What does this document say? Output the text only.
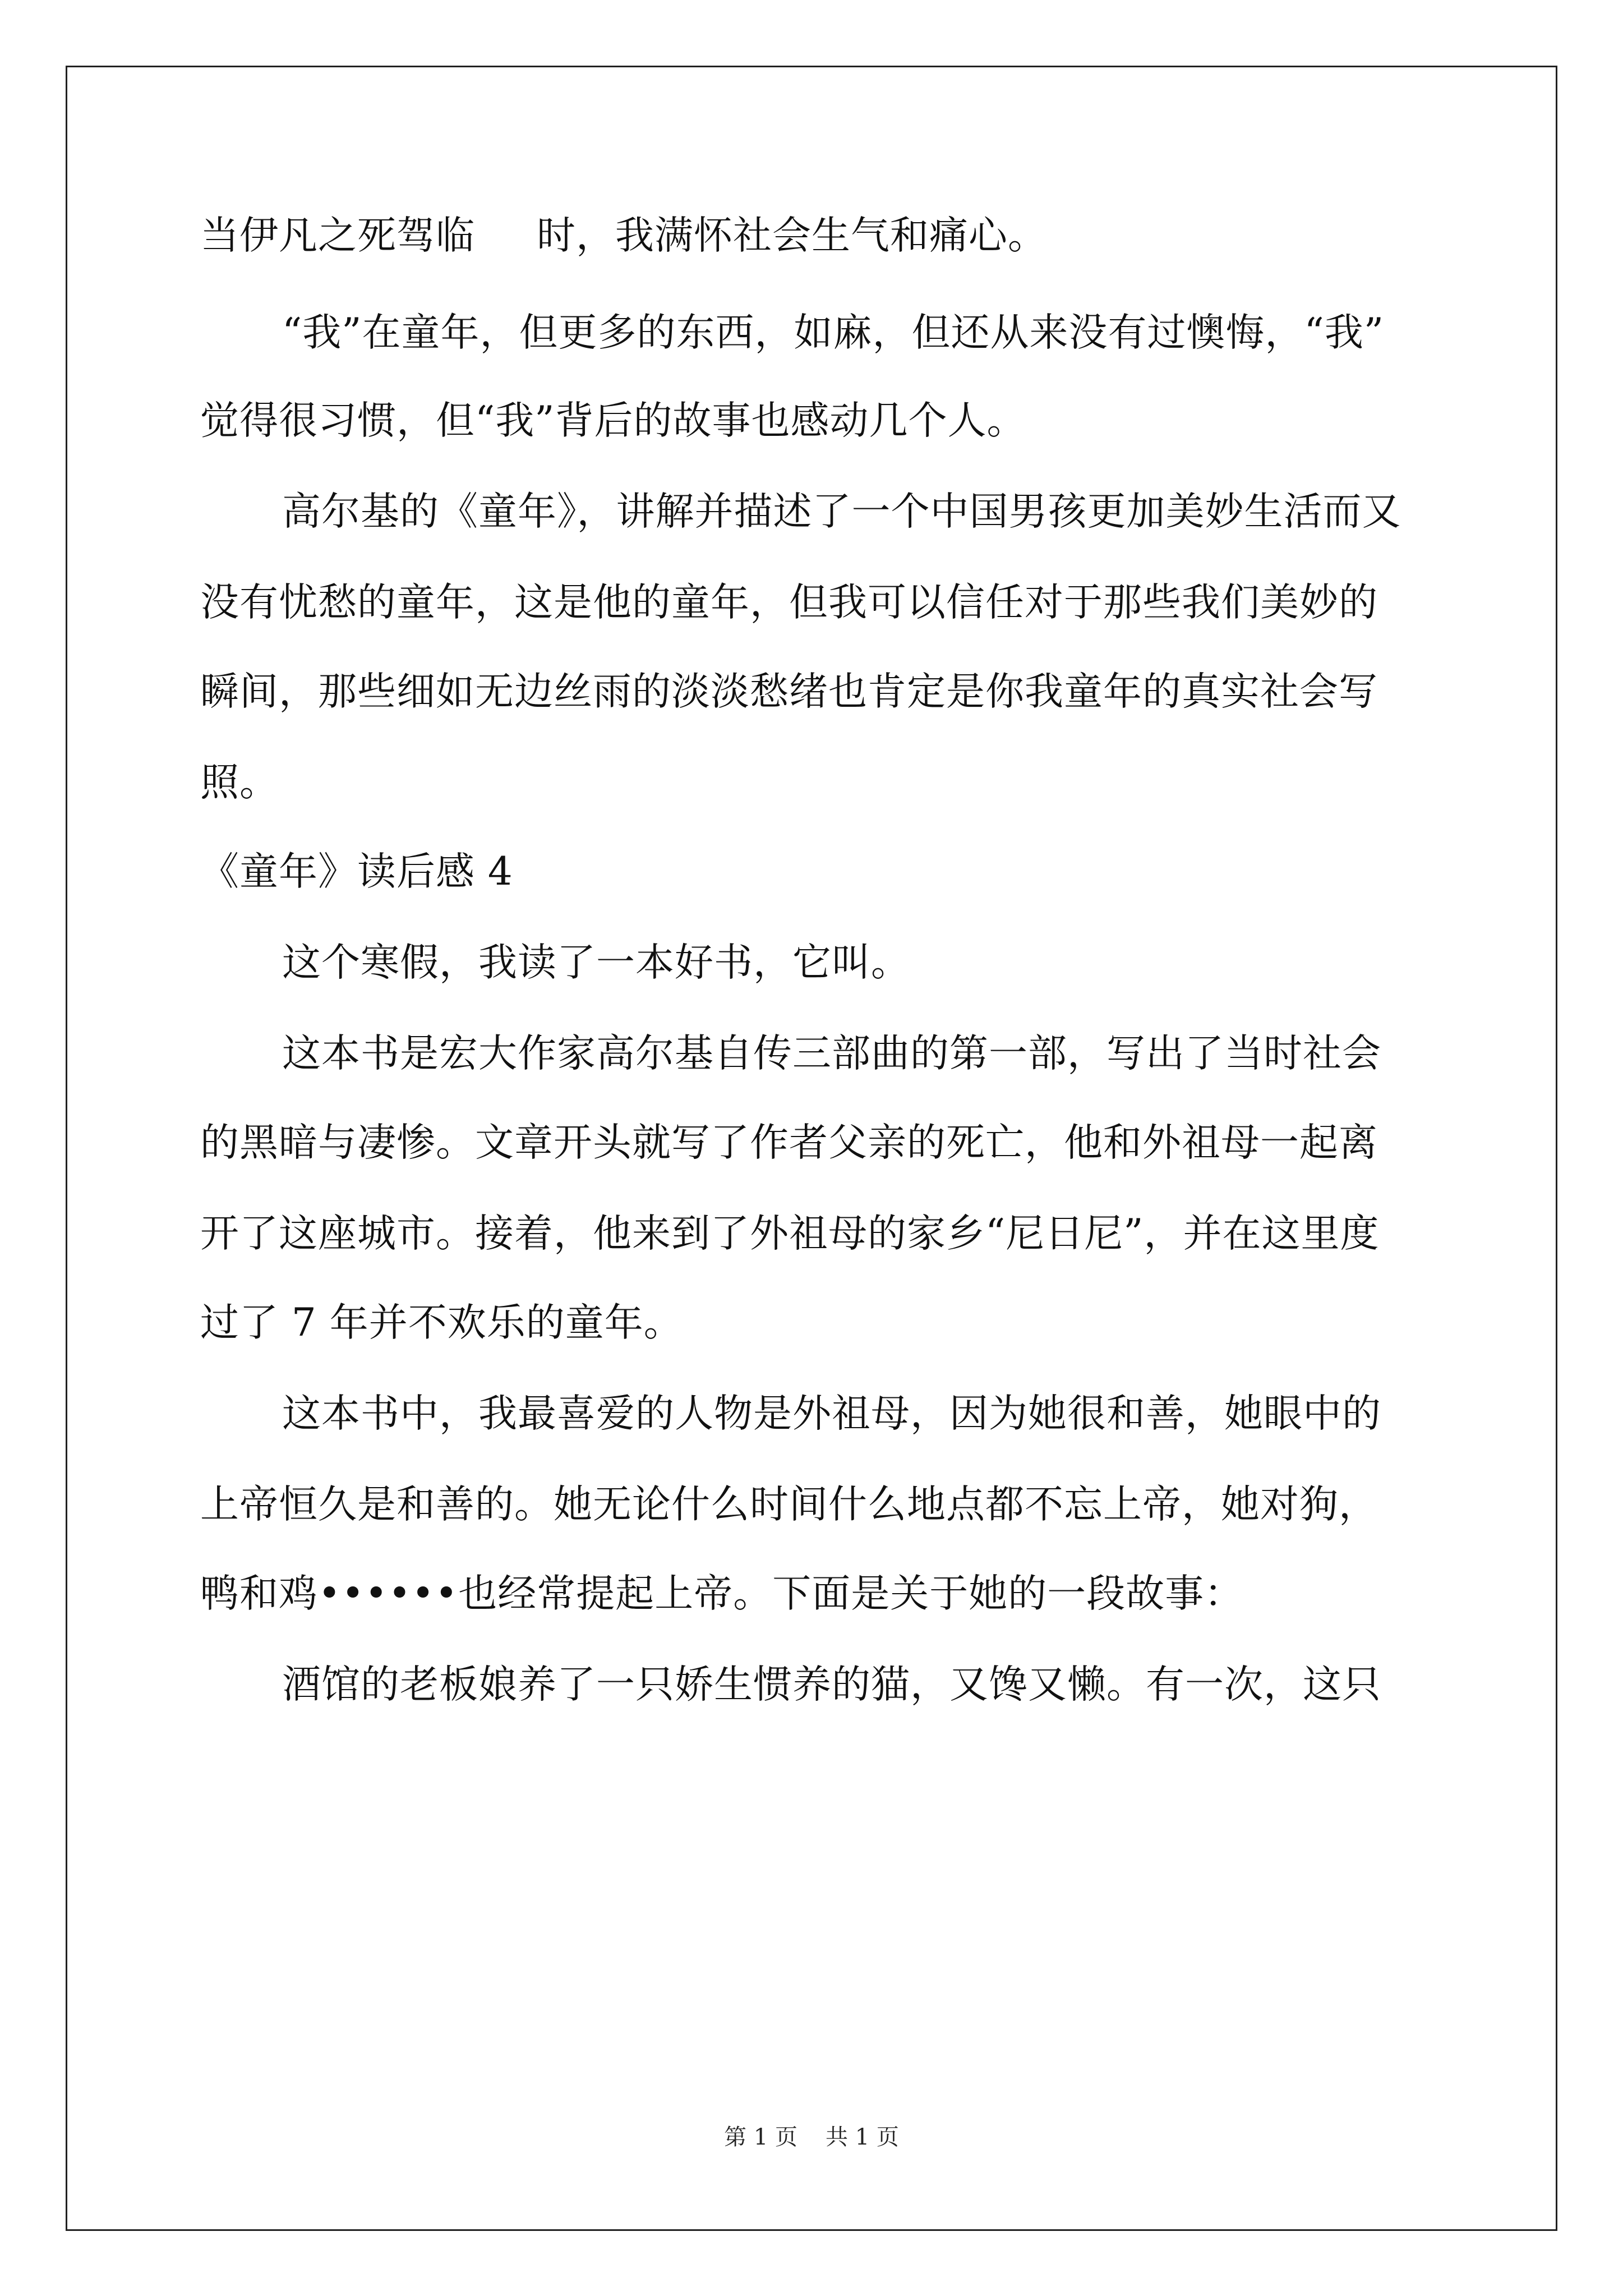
当伊凡之死驾临 时，我满怀社会生气和痛心。
“我”在童年，但更多的东西，如麻，但还从来没有过懊悔，“我”
觉得很习惯，但“我”背后的故事也感动几个人。
高尔基的《童年》，讲解并描述了一个中国男孩更加美妙生活而又
没有忧愁的童年，这是他的童年，但我可以信任对于那些我们美妙的
瞬间，那些细如无边丝雨的淡淡愁绪也肯定是你我童年的真实社会写
照。
《童年》读后感 4
这个寒假，我读了一本好书，它叫。
这本书是宏大作家高尔基自传三部曲的第一部，写出了当时社会
的黑暗与凄惨。文章开头就写了作者父亲的死亡，他和外祖母一起离
开了这座城市。接着，他来到了外祖母的家乡“尼日尼”，并在这里度
过了 7 年并不欢乐的童年。
这本书中，我最喜爱的人物是外祖母，因为她很和善，她眼中的
上帝恒久是和善的。她无论什么时间什么地点都不忘上帝，她对狗，
鸭和鸡••••••也经常提起上帝。下面是关于她的一段故事：
酒馆的老板娘养了一只娇生惯养的猫，又馋又懒。有一次，这只
第 1 页 共 1 页
